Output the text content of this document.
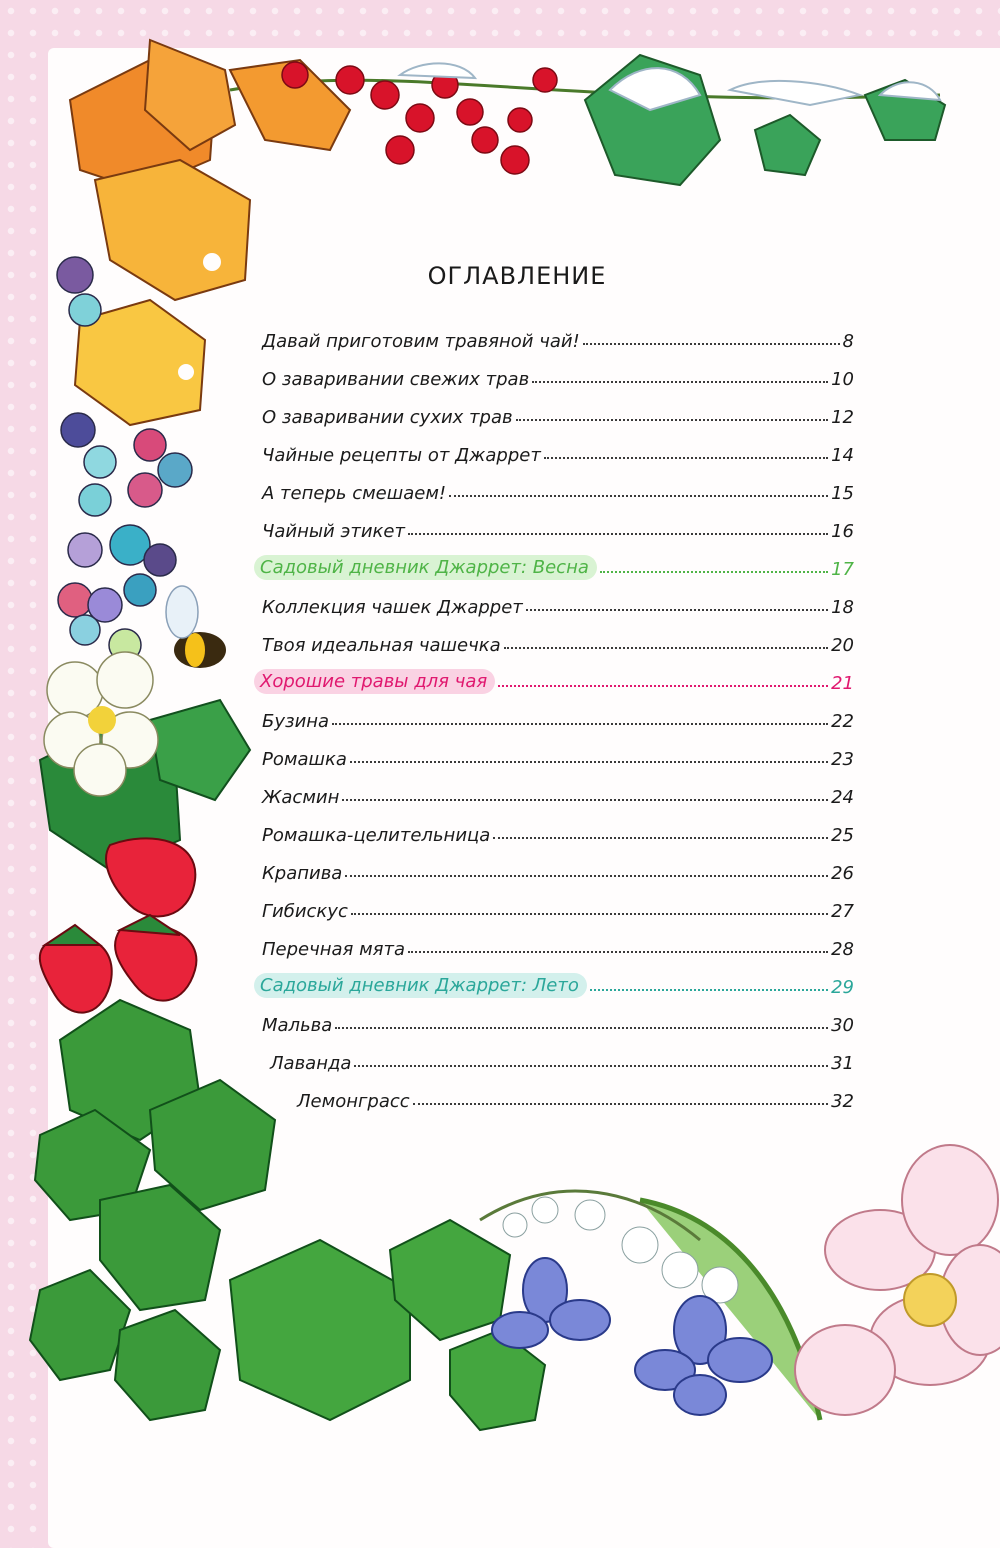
ОГЛАВЛЕНИЕ
Давай приготовим травяной чай!	8
О заваривании свежих трав	10
О заваривании сухих трав	12
Чайные рецепты от Джаррет	14
А теперь смешаем!	15
Чайный этикет	16
Садовый дневник Джаррет: Весна	17
Коллекция чашек Джаррет	18
Твоя идеальная чашечка	20
Хорошие травы для чая	21
Бузина	22
Ромашка	23
Жасмин	24
Ромашка-целительница	25
Крапива	26
Гибискус	27
Перечная мята	28
Садовый дневник Джаррет: Лето	29
Мальва	30
Лаванда	31
Лемонграсс	32
